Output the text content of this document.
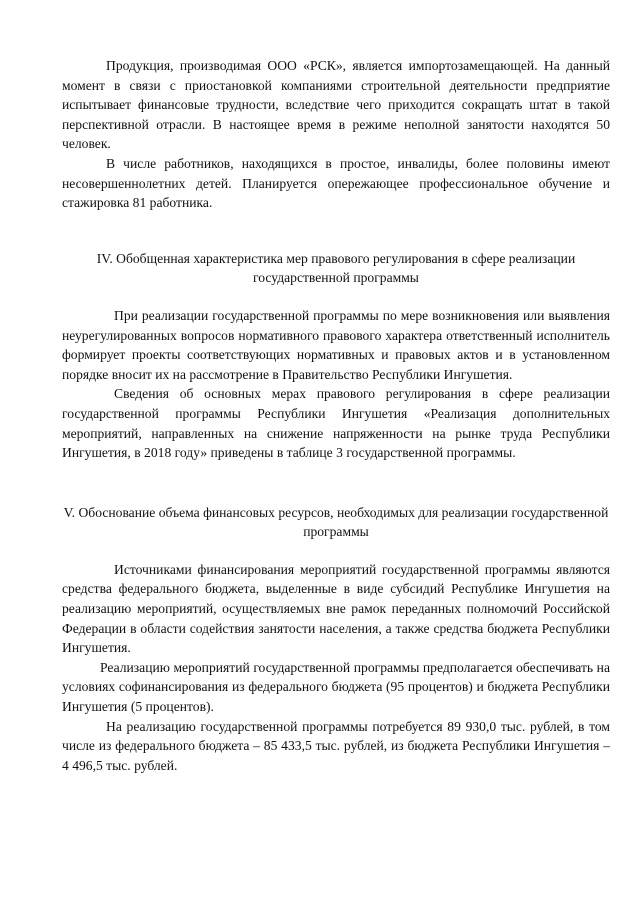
Продукция, производимая ООО «РСК», является импортозамещающей. На данный момент в связи с приостановкой компаниями строительной деятельности предприятие испытывает финансовые трудности, вследствие чего приходится сокращать штат в такой перспективной отрасли. В настоящее время в режиме неполной занятости находятся 50 человек.

В числе работников, находящихся в простое, инвалиды, более половины имеют несовершеннолетних детей. Планируется опережающее профессиональное обучение и стажировка 81 работника.

IV. Обобщенная характеристика мер правового регулирования в сфере реализации государственной программы

При реализации государственной программы по мере возникновения или выявления неурегулированных вопросов нормативного правового характера ответственный исполнитель формирует проекты соответствующих нормативных и правовых актов и в установленном порядке вносит их на рассмотрение в Правительство Республики Ингушетия.

Сведения об основных мерах правового регулирования в сфере реализации государственной программы Республики Ингушетия «Реализация дополнительных мероприятий, направленных на снижение напряженности на рынке труда Республики Ингушетия, в 2018 году» приведены в таблице 3 государственной программы.

V. Обоснование объема финансовых ресурсов, необходимых для реализации государственной программы

Источниками финансирования мероприятий государственной программы являются средства федерального бюджета, выделенные в виде субсидий Республике Ингушетия на реализацию мероприятий, осуществляемых вне рамок переданных полномочий Российской Федерации в области содействия занятости населения, а также средства бюджета Республики Ингушетия.

Реализацию мероприятий государственной программы предполагается обеспечивать на условиях софинансирования из федерального бюджета (95 процентов) и бюджета Республики Ингушетия (5 процентов).

На реализацию государственной программы потребуется 89 930,0 тыс. рублей, в том числе из федерального бюджета – 85 433,5 тыс. рублей, из бюджета Республики Ингушетия – 4 496,5 тыс. рублей.
